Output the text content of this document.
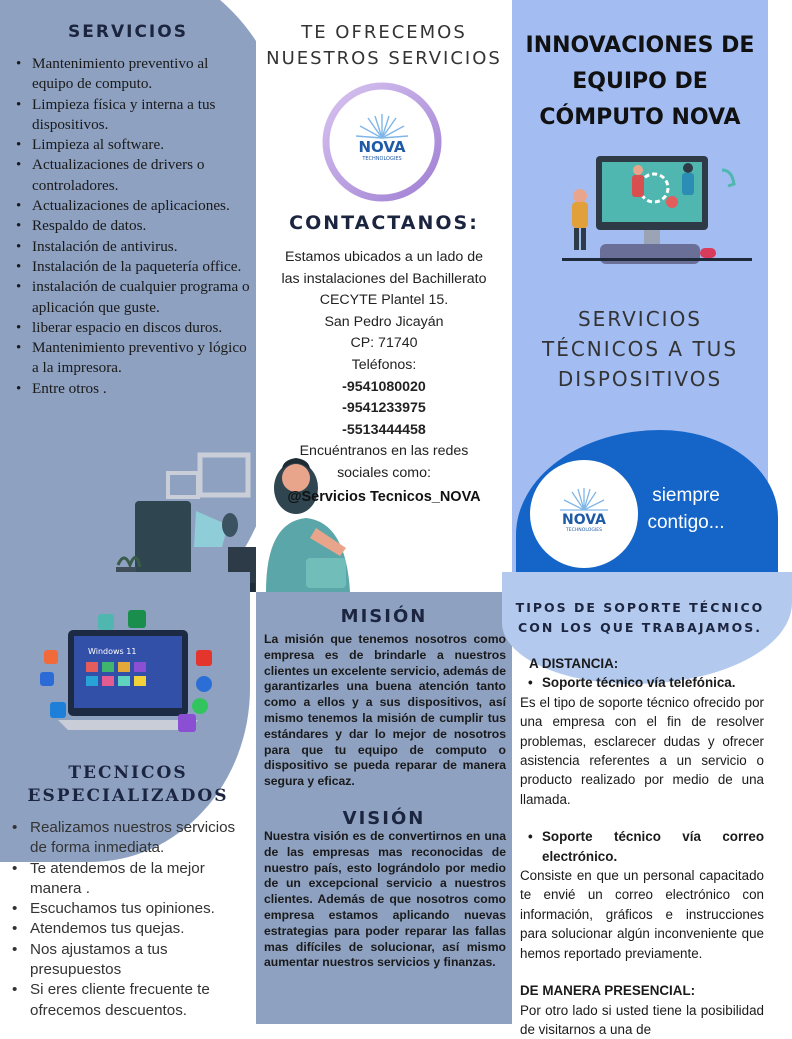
SERVICIOS
• Mantenimiento preventivo al equipo de computo.
• Limpieza física y interna a tus dispositivos.
• Limpieza al software.
• Actualizaciones de drivers o controladores.
• Actualizaciones de aplicaciones.
• Respaldo de datos.
• Instalación de antivirus.
• Instalación de la paquetería office.
• instalación de cualquier programa o aplicación que guste.
• liberar espacio en discos duros.
• Mantenimiento preventivo y lógico a la impresora.
• Entre otros .
TE OFRECEMOS
NUESTROS SERVICIOS
NOVA
TECHNOLOGIES
CONTACTANOS:
Estamos ubicados a un lado de
las instalaciones del Bachillerato
CECYTE Plantel 15.
San Pedro Jicayán
CP: 71740
Teléfonos:
-9541080020
-9541233975
-5513444458
Encuéntranos en las redes
sociales como:
@Servicios Tecnicos_NOVA
INNOVACIONES DE
EQUIPO DE
CÓMPUTO NOVA
SERVICIOS
TÉCNICOS A TUS
DISPOSITIVOS
NOVA
TECHNOLOGIES
siempre
contigo...
Windows 11
TECNICOS
ESPECIALIZADOS
• Realizamos nuestros servicios de forma inmediata.
• Te atendemos de la mejor manera .
• Escuchamos tus opiniones.
• Atendemos tus quejas.
• Nos ajustamos a tus presupuestos
• Si eres cliente frecuente te ofrecemos descuentos.
MISIÓN
La misión que tenemos nosotros como empresa es de brindarle a nuestros clientes un excelente servicio, además de garantizarles una buena atención tanto como a ellos y a sus dispositivos, así mismo tenemos la misión de cumplir tus estándares y dar lo mejor de nosotros para que tu equipo de computo o dispositivo se pueda reparar de manera segura y eficaz.
VISIÓN
Nuestra visión es de convertirnos en una de las empresas mas reconocidas de nuestro país, esto lográndolo por medio de un excepcional servicio a nuestros clientes. Además de que nosotros como empresa estamos aplicando nuevas estrategias para poder reparar las fallas mas difíciles de solucionar, así mismo aumentar nuestros servicios y finanzas.
TIPOS DE SOPORTE TÉCNICO
CON LOS QUE TRABAJAMOS.
A DISTANCIA:
• Soporte técnico vía telefónica.
Es el tipo de soporte técnico ofrecido por una empresa con el fin de resolver problemas, esclarecer dudas y ofrecer asistencia referentes a un servicio o producto realizado por medio de una llamada.
• Soporte técnico vía correo electrónico.
Consiste en que un personal capacitado te envié un correo electrónico con información, gráficos e instrucciones para solucionar algún inconveniente que hemos reportado previamente.
DE MANERA PRESENCIAL:
Por otro lado si usted tiene la posibilidad de visitarnos a una de
